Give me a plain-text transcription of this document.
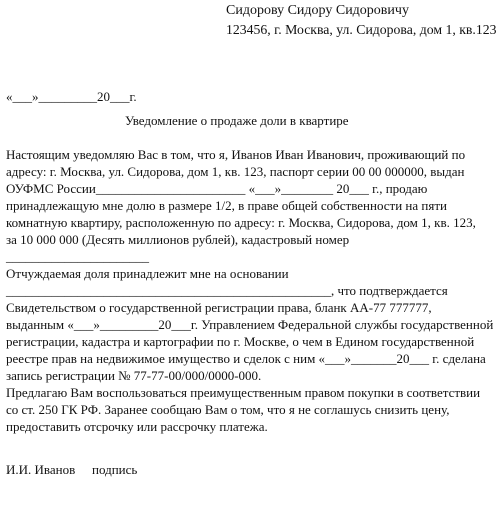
Сидорову Сидору Сидоровичу
123456, г. Москва, ул. Сидорова, дом 1, кв.123
«___»_________20___г.
Уведомление о продаже доли в квартире
Настоящим уведомляю Вас в том, что я, Иванов Иван Иванович, проживающий по
адресу: г. Москва, ул. Сидорова, дом 1, кв. 123, паспорт серии 00 00 000000, выдан
ОУФМС России_______________________ «___»________ 20___ г., продаю
принадлежащую мне долю в размере 1/2, в праве общей собственности на пяти
комнатную квартиру, расположенную по адресу: г. Москва, Сидорова, дом 1, кв. 123,
за 10 000 000 (Десять миллионов рублей), кадастровый номер
______________________
Отчуждаемая доля принадлежит мне на основании
__________________________________________________, что подтверждается
Свидетельством о государственной регистрации права, бланк АА-77 777777,
выданным «___»_________20___г. Управлением Федеральной службы государственной
регистрации, кадастра и картографии по г. Москве, о чем в Едином государственной
реестре прав на недвижимое имущество и сделок с ним «___»_______20___ г. сделана
запись регистрации № 77-77-00/000/0000-000.
Предлагаю Вам воспользоваться преимущественным правом покупки в соответствии
со ст. 250 ГК РФ. Заранее сообщаю Вам о том, что я не соглашусь снизить цену,
предоставить отсрочку или рассрочку платежа.
И.И. Иванов подпись
